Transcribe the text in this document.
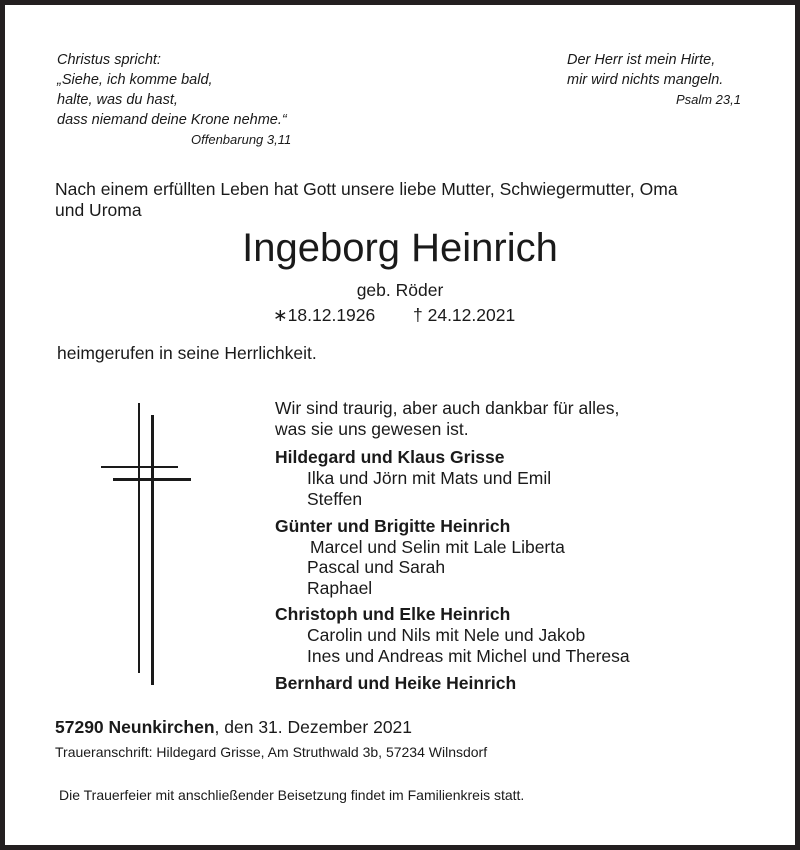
Christus spricht:
„Siehe, ich komme bald,
halte, was du hast,
dass niemand deine Krone nehme.“
Offenbarung 3,11
Der Herr ist mein Hirte,
mir wird nichts mangeln.
Psalm 23,1
Nach einem erfüllten Leben hat Gott unsere liebe Mutter, Schwiegermutter, Oma
und Uroma
Ingeborg Heinrich
geb. Röder
∗18.12.1926 † 24.12.2021
heimgerufen in seine Herrlichkeit.
Wir sind traurig, aber auch dankbar für alles,
was sie uns gewesen ist.
Hildegard und Klaus Grisse
Ilka und Jörn mit Mats und Emil
Steffen
Günter und Brigitte Heinrich
Marcel und Selin mit Lale Liberta
Pascal und Sarah
Raphael
Christoph und Elke Heinrich
Carolin und Nils mit Nele und Jakob
Ines und Andreas mit Michel und Theresa
Bernhard und Heike Heinrich
57290 Neunkirchen, den 31. Dezember 2021
Traueranschrift: Hildegard Grisse, Am Struthwald 3b, 57234 Wilnsdorf
Die Trauerfeier mit anschließender Beisetzung findet im Familienkreis statt.
